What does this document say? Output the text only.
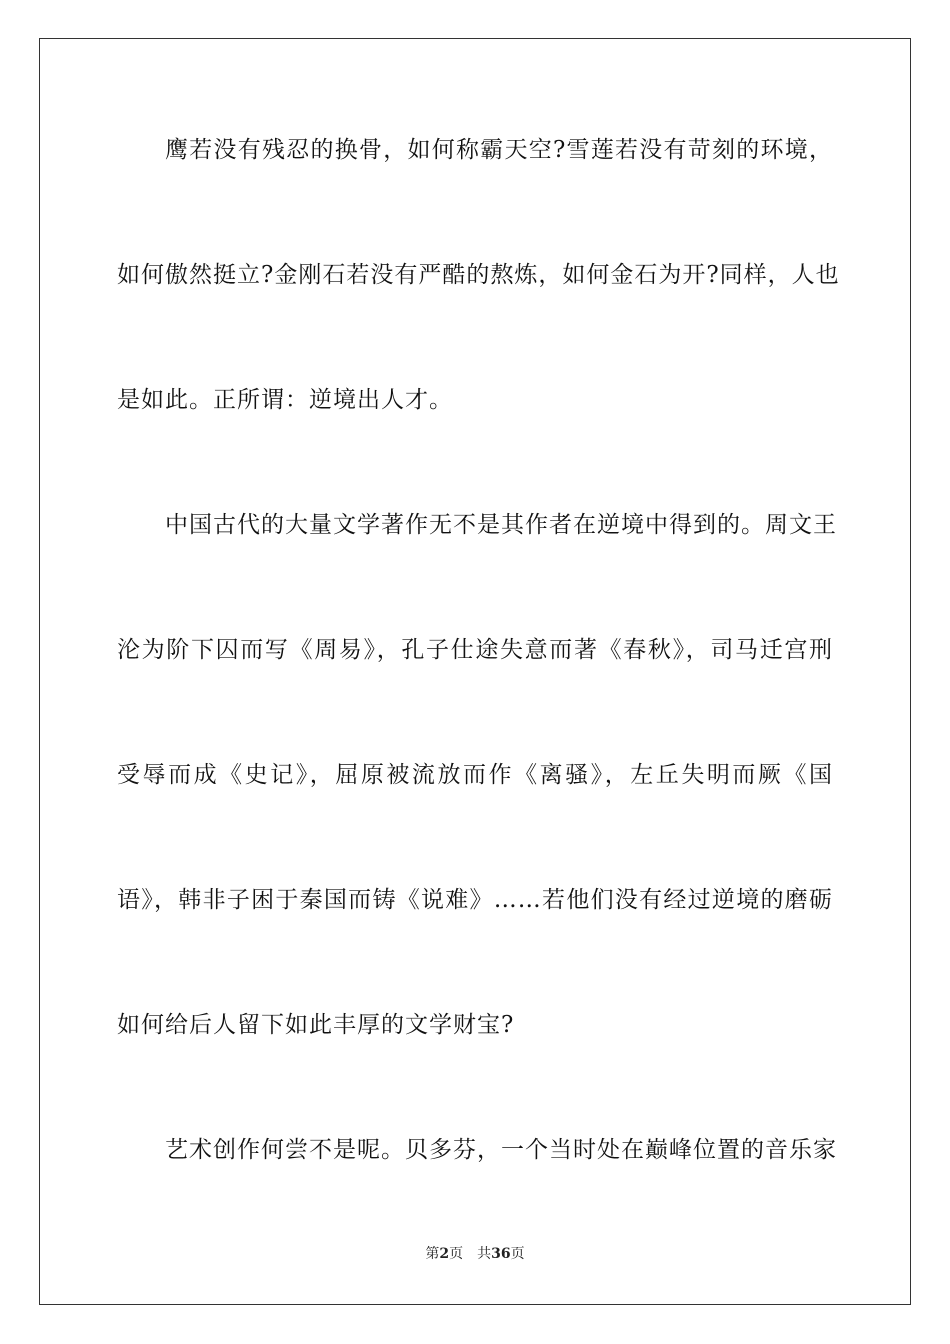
鹰若没有残忍的换骨，如何称霸天空?雪莲若没有苛刻的环境，
如何傲然挺立?金刚石若没有严酷的熬炼，如何金石为开?同样，人也
是如此。正所谓：逆境出人才。
中国古代的大量文学著作无不是其作者在逆境中得到的。周文王
沦为阶下囚而写《周易》，孔子仕途失意而著《春秋》，司马迁宫刑
受辱而成《史记》，屈原被流放而作《离骚》，左丘失明而厥《国
语》，韩非子困于秦国而铸《说难》……若他们没有经过逆境的磨砺
如何给后人留下如此丰厚的文学财宝?
艺术创作何尝不是呢。贝多芬，一个当时处在巅峰位置的音乐家
第2页 共36页
